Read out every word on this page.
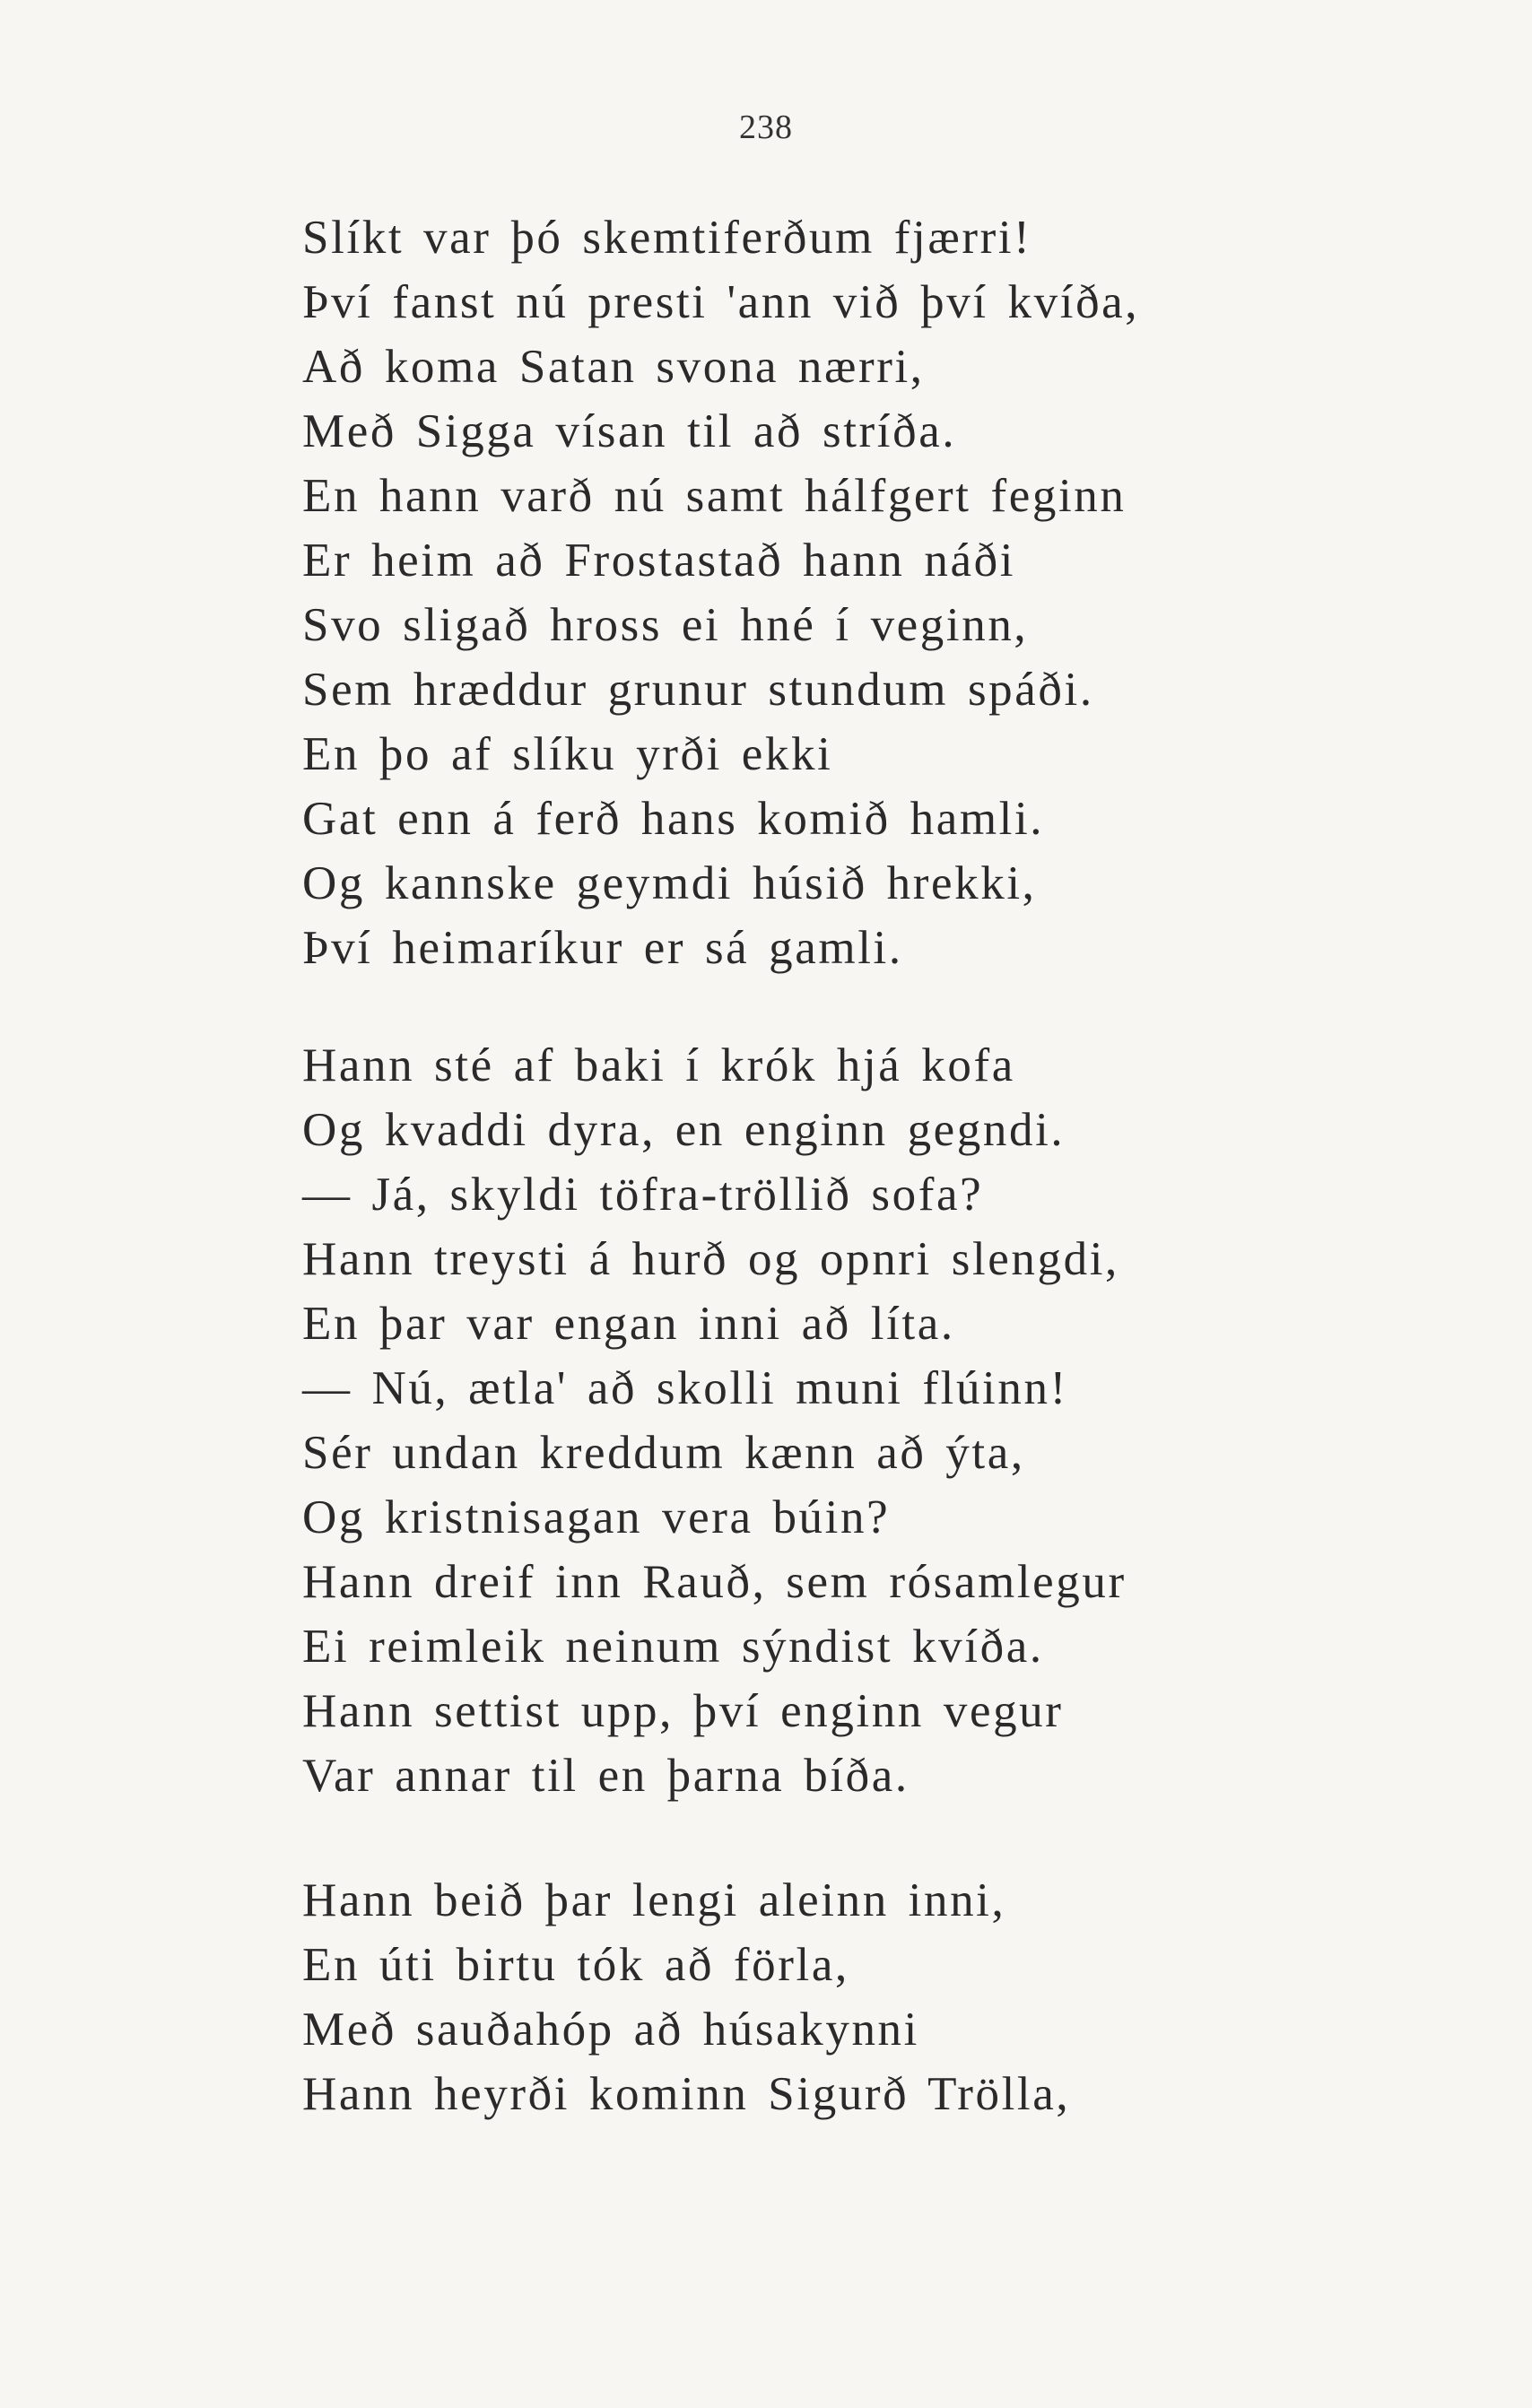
238
Slíkt var þó skemtiferðum fjærri!
Því fanst nú presti 'ann við því kvíða,
Að koma Satan svona nærri,
Með Sigga vísan til að stríða.
En hann varð nú samt hálfgert feginn
Er heim að Frostastað hann náði
Svo sligað hross ei hné í veginn,
Sem hræddur grunur stundum spáði.
En þo af slíku yrði ekki
Gat enn á ferð hans komið hamli.
Og kannske geymdi húsið hrekki,
Því heimaríkur er sá gamli.
Hann sté af baki í krók hjá kofa
Og kvaddi dyra, en enginn gegndi.
— Já, skyldi töfra-tröllið sofa?
Hann treysti á hurð og opnri slengdi,
En þar var engan inni að líta.
— Nú, ætla' að skolli muni flúinn!
Sér undan kreddum kænn að ýta,
Og kristnisagan vera búin?
Hann dreif inn Rauð, sem rósamlegur
Ei reimleik neinum sýndist kvíða.
Hann settist upp, því enginn vegur
Var annar til en þarna bíða.
Hann beið þar lengi aleinn inni,
En úti birtu tók að förla,
Með sauðahóp að húsakynni
Hann heyrði kominn Sigurð Trölla,
